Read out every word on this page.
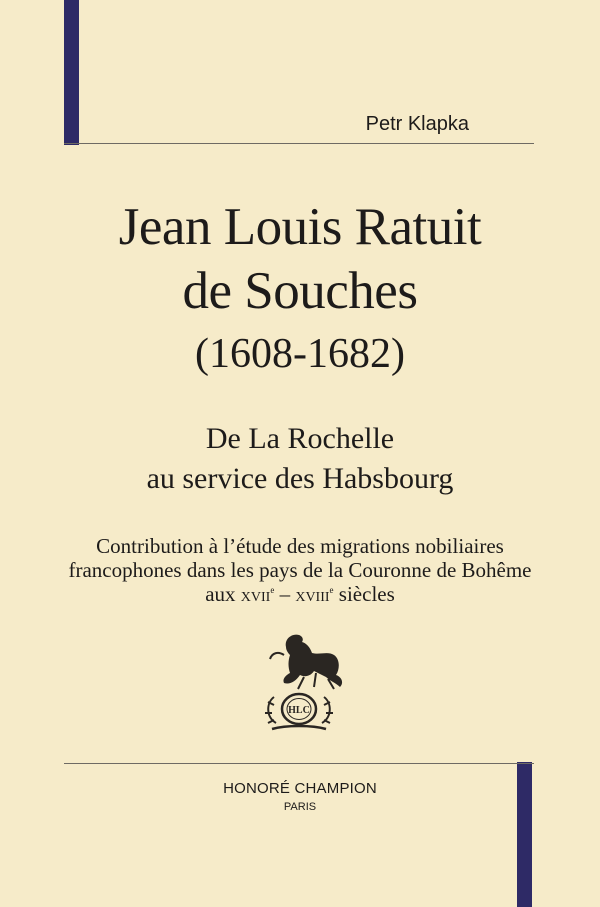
Petr Klapka
Jean Louis Ratuit
de Souches
(1608-1682)
De La Rochelle
au service des Habsbourg
Contribution à l’étude des migrations nobiliaires
francophones dans les pays de la Couronne de Bohême
aux XVIIe – XVIIIe siècles
HLC
HONORÉ CHAMPION
PARIS
